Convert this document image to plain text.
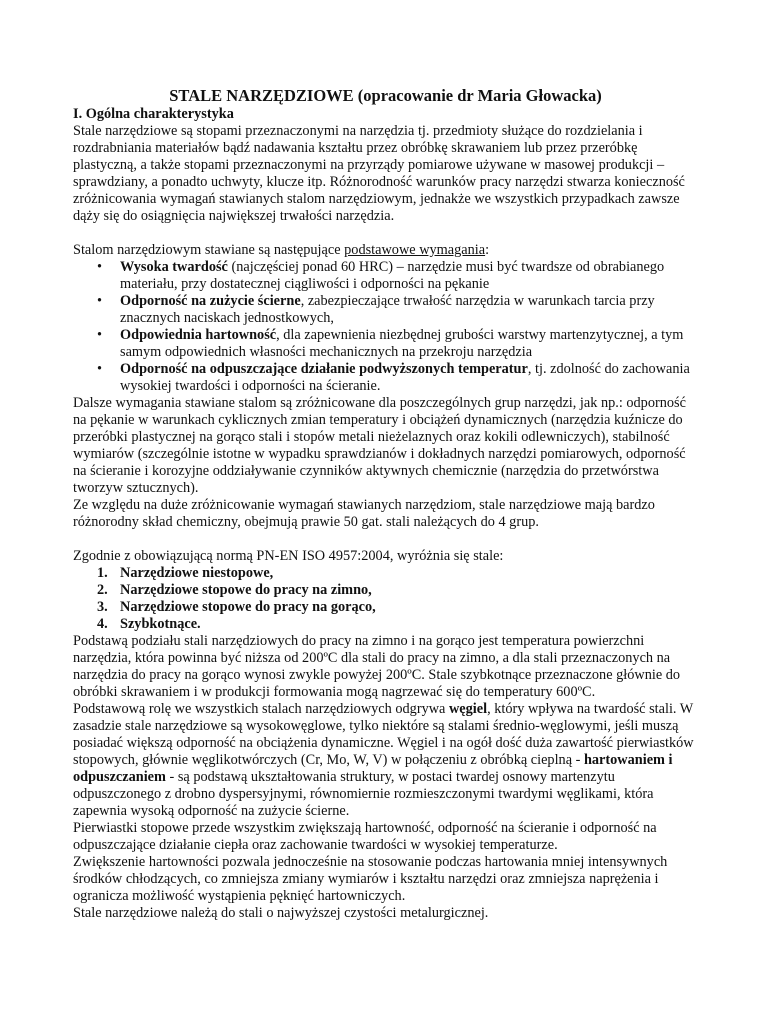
STALE NARZĘDZIOWE (opracowanie dr Maria Głowacka)
I. Ogólna charakterystyka

Stale narzędziowe są stopami przeznaczonymi na narzędzia tj. przedmioty służące do rozdzielania i rozdrabniania materiałów bądź nadawania kształtu przez obróbkę skrawaniem lub przez przeróbkę plastyczną, a także stopami przeznaczonymi na przyrządy pomiarowe używane w masowej produkcji – sprawdziany, a ponadto uchwyty, klucze itp. Różnorodność warunków pracy narzędzi stwarza konieczność zróżnicowania wymagań stawianych stalom narzędziowym, jednakże we wszystkich przypadkach zawsze dąży się do osiągnięcia największej trwałości narzędzia.

Stalom narzędziowym stawiane są następujące podstawowe wymagania:

• Wysoka twardość (najczęściej ponad 60 HRC) – narzędzie musi być twardsze od obrabianego materiału, przy dostatecznej ciągliwości i odporności na pękanie
• Odporność na zużycie ścierne, zabezpieczające trwałość narzędzia w warunkach tarcia przy znacznych naciskach jednostkowych,
• Odpowiednia hartowność, dla zapewnienia niezbędnej grubości warstwy martenzytycznej, a tym samym odpowiednich własności mechanicznych na przekroju narzędzia
• Odporność na odpuszczające działanie podwyższonych temperatur, tj. zdolność do zachowania wysokiej twardości i odporności na ścieranie.

Dalsze wymagania stawiane stalom są zróżnicowane dla poszczególnych grup narzędzi, jak np.: odporność na pękanie w warunkach cyklicznych zmian temperatury i obciążeń dynamicznych (narzędzia kuźnicze do przeróbki plastycznej na gorąco stali i stopów metali nieżelaznych oraz kokili odlewniczych), stabilność wymiarów (szczególnie istotne w wypadku sprawdzianów i dokładnych narzędzi pomiarowych, odporność na ścieranie i korozyjne oddziaływanie czynników aktywnych chemicznie (narzędzia do przetwórstwa tworzyw sztucznych).

Ze względu na duże zróżnicowanie wymagań stawianych narzędziom, stale narzędziowe mają bardzo różnorodny skład chemiczny, obejmują prawie 50 gat. stali należących do 4 grup.

Zgodnie z obowiązującą normą PN-EN ISO 4957:2004, wyróżnia się stale:

1. Narzędziowe niestopowe,
2. Narzędziowe stopowe do pracy na zimno,
3. Narzędziowe stopowe do pracy na gorąco,
4. Szybkotnące.

Podstawą podziału stali narzędziowych do pracy na zimno i na gorąco jest temperatura powierzchni narzędzia, która powinna być niższa od 200ºC dla stali do pracy na zimno, a dla stali przeznaczonych na narzędzia do pracy na gorąco wynosi zwykle powyżej 200ºC. Stale szybkotnące przeznaczone głównie do obróbki skrawaniem i w produkcji formowania mogą nagrzewać się do temperatury 600ºC.

Podstawową rolę we wszystkich stalach narzędziowych odgrywa węgiel, który wpływa na twardość stali. W zasadzie stale narzędziowe są wysokowęglowe, tylko niektóre są stalami średnio-węglowymi, jeśli muszą posiadać większą odporność na obciążenia dynamiczne. Węgiel i na ogół dość duża zawartość pierwiastków stopowych, głównie węglikotwórczych (Cr, Mo, W, V) w połączeniu z obróbką cieplną - hartowaniem i odpuszczaniem - są podstawą ukształtowania struktury, w postaci twardej osnowy martenzytu odpuszczonego z drobno dyspersyjnymi, równomiernie rozmieszczonymi twardymi węglikami, która zapewnia wysoką odporność na zużycie ścierne.

Pierwiastki stopowe przede wszystkim zwiększają hartowność, odporność na ścieranie i odporność na odpuszczające działanie ciepła oraz zachowanie twardości w wysokiej temperaturze.

Zwiększenie hartowności pozwala jednocześnie na stosowanie podczas hartowania mniej intensywnych środków chłodzących, co zmniejsza zmiany wymiarów i kształtu narzędzi oraz zmniejsza naprężenia i ogranicza możliwość wystąpienia pęknięć hartowniczych.

Stale narzędziowe należą do stali o najwyższej czystości metalurgicznej.
